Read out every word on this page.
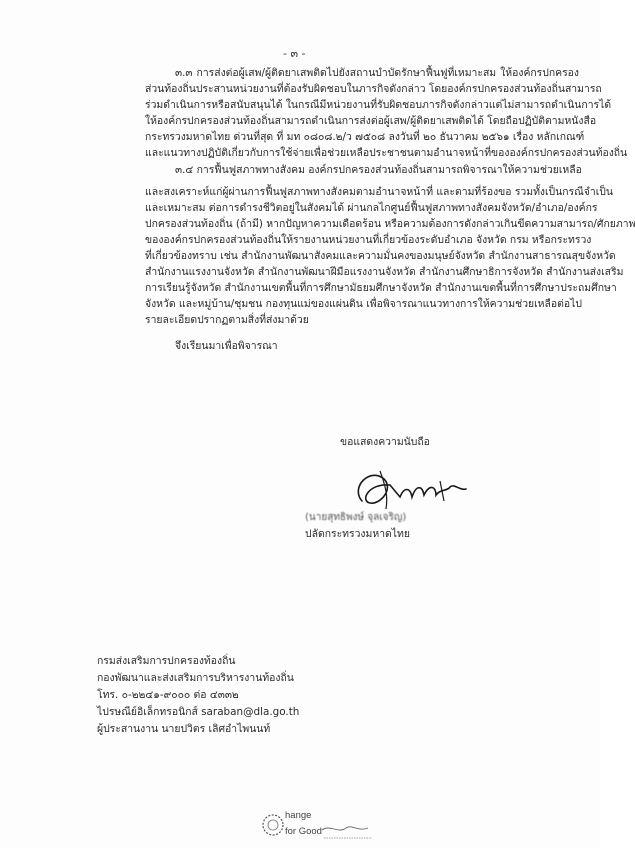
- ๓ -
๓.๓ การส่งต่อผู้เสพ/ผู้ติดยาเสพติดไปยังสถานบำบัดรักษาฟื้นฟูที่เหมาะสม ให้องค์กรปกครอง
ส่วนท้องถิ่นประสานหน่วยงานที่ต้องรับผิดชอบในภารกิจดังกล่าว โดยองค์กรปกครองส่วนท้องถิ่นสามารถ
ร่วมดำเนินการหรือสนับสนุนได้ ในกรณีมีหน่วยงานที่รับผิดชอบภารกิจดังกล่าวแต่ไม่สามารถดำเนินการได้
ให้องค์กรปกครองส่วนท้องถิ่นสามารถดำเนินการส่งต่อผู้เสพ/ผู้ติดยาเสพติดได้ โดยถือปฏิบัติตามหนังสือ
กระทรวงมหาดไทย ด่วนที่สุด ที่ มท ๐๘๐๘.๒/ว ๗๕๐๘ ลงวันที่ ๒๐ ธันวาคม ๒๕๖๑ เรื่อง หลักเกณฑ์
และแนวทางปฏิบัติเกี่ยวกับการใช้จ่ายเพื่อช่วยเหลือประชาชนตามอำนาจหน้าที่ขององค์กรปกครองส่วนท้องถิ่น
๓.๔ การฟื้นฟูสภาพทางสังคม องค์กรปกครองส่วนท้องถิ่นสามารถพิจารณาให้ความช่วยเหลือ
และสงเคราะห์แก่ผู้ผ่านการฟื้นฟูสภาพทางสังคมตามอำนาจหน้าที่ และตามที่ร้องขอ รวมทั้งเป็นกรณีจำเป็น
และเหมาะสม ต่อการดำรงชีวิตอยู่ในสังคมได้ ผ่านกลไกศูนย์ฟื้นฟูสภาพทางสังคมจังหวัด/อำเภอ/องค์กร
ปกครองส่วนท้องถิ่น (ถ้ามี) หากปัญหาความเดือดร้อน หรือความต้องการดังกล่าวเกินขีดความสามารถ/ศักยภาพ
ขององค์กรปกครองส่วนท้องถิ่นให้รายงานหน่วยงานที่เกี่ยวข้องระดับอำเภอ จังหวัด กรม หรือกระทรวง
ที่เกี่ยวข้องทราบ เช่น สำนักงานพัฒนาสังคมและความมั่นคงของมนุษย์จังหวัด สำนักงานสาธารณสุขจังหวัด
สำนักงานแรงงานจังหวัด สำนักงานพัฒนาฝีมือแรงงานจังหวัด สำนักงานศึกษาธิการจังหวัด สำนักงานส่งเสริม
การเรียนรู้จังหวัด สำนักงานเขตพื้นที่การศึกษามัธยมศึกษาจังหวัด สำนักงานเขตพื้นที่การศึกษาประถมศึกษา
จังหวัด และหมู่บ้าน/ชุมชน กองทุนแม่ของแผ่นดิน เพื่อพิจารณาแนวทางการให้ความช่วยเหลือต่อไป
รายละเอียดปรากฏตามสิ่งที่ส่งมาด้วย
จึงเรียนมาเพื่อพิจารณา
ขอแสดงความนับถือ
(นายสุทธิพงษ์ จุลเจริญ)
ปลัดกระทรวงมหาดไทย
กรมส่งเสริมการปกครองท้องถิ่น
กองพัฒนาและส่งเสริมการบริหารงานท้องถิ่น
โทร. ๐-๒๒๔๑-๙๐๐๐ ต่อ ๔๓๓๒
ไปรษณีย์อิเล็กทรอนิกส์ saraban@dla.go.th
ผู้ประสานงาน นายปวิตร เลิศอำไพนนท์
hange
for Good
